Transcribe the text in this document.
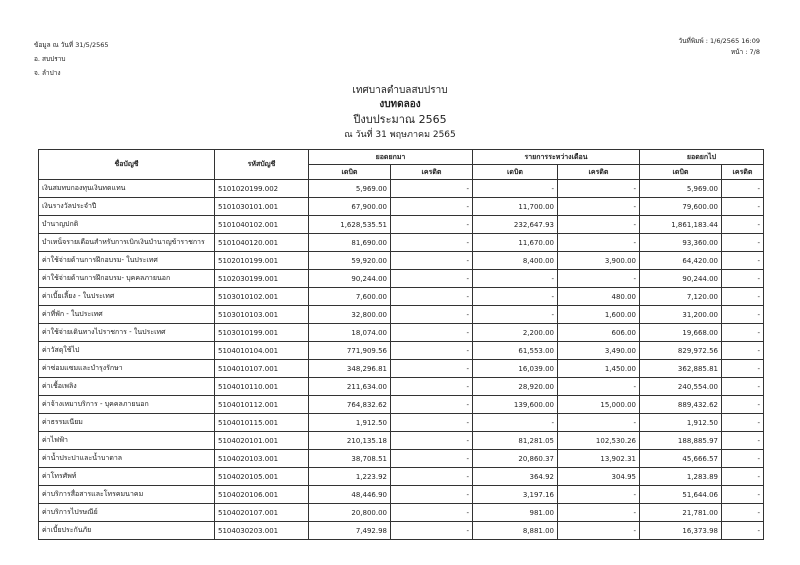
ข้อมูล ณ วันที่ 31/5/2565
อ. สบปราบ
จ. ลำปาง
วันที่พิมพ์ : 1/6/2565 16:09
หน้า : 7/8
เทศบาลตำบลสบปราบ
งบทดลอง
ปีงบประมาณ 2565
ณ วันที่ 31 พฤษภาคม 2565
ชื่อบัญชี	รหัสบัญชี	ยอดยกมา		รายการระหว่างเดือน		ยอดยกไป	
		เดบิต	เครดิต	เดบิต	เครดิต	เดบิต	เครดิต
เงินสมทบกองทุนเงินทดแทน	5101020199.002	5,969.00	-	-	-	5,969.00	-
เงินรางวัลประจำปี	5101030101.001	67,900.00	-	11,700.00	-	79,600.00	-
บำนาญปกติ	5101040102.001	1,628,535.51	-	232,647.93	-	1,861,183.44	-
บำเหน็จรายเดือนสำหรับการเบิกเงินบำนาญข้าราชการ	5101040120.001	81,690.00	-	11,670.00	-	93,360.00	-
ค่าใช้จ่ายด้านการฝึกอบรม- ในประเทศ	5102010199.001	59,920.00	-	8,400.00	3,900.00	64,420.00	-
ค่าใช้จ่ายด้านการฝึกอบรม- บุคคลภายนอก	5102030199.001	90,244.00	-	-	-	90,244.00	-
ค่าเบี้ยเลี้ยง - ในประเทศ	5103010102.001	7,600.00	-	-	480.00	7,120.00	-
ค่าที่พัก - ในประเทศ	5103010103.001	32,800.00	-	-	1,600.00	31,200.00	-
ค่าใช้จ่ายเดินทางไปราชการ - ในประเทศ	5103010199.001	18,074.00	-	2,200.00	606.00	19,668.00	-
ค่าวัสดุใช้ไป	5104010104.001	771,909.56	-	61,553.00	3,490.00	829,972.56	-
ค่าซ่อมแซมและบำรุงรักษา	5104010107.001	348,296.81	-	16,039.00	1,450.00	362,885.81	-
ค่าเชื้อเพลิง	5104010110.001	211,634.00	-	28,920.00	-	240,554.00	-
ค่าจ้างเหมาบริการ - บุคคลภายนอก	5104010112.001	764,832.62	-	139,600.00	15,000.00	889,432.62	-
ค่าธรรมเนียม	5104010115.001	1,912.50	-	-	-	1,912.50	-
ค่าไฟฟ้า	5104020101.001	210,135.18	-	81,281.05	102,530.26	188,885.97	-
ค่าน้ำประปาและน้ำบาดาล	5104020103.001	38,708.51	-	20,860.37	13,902.31	45,666.57	-
ค่าโทรศัพท์	5104020105.001	1,223.92	-	364.92	304.95	1,283.89	-
ค่าบริการสื่อสารและโทรคมนาคม	5104020106.001	48,446.90	-	3,197.16	-	51,644.06	-
ค่าบริการไปรษณีย์	5104020107.001	20,800.00	-	981.00	-	21,781.00	-
ค่าเบี้ยประกันภัย	5104030203.001	7,492.98	-	8,881.00	-	16,373.98	-
